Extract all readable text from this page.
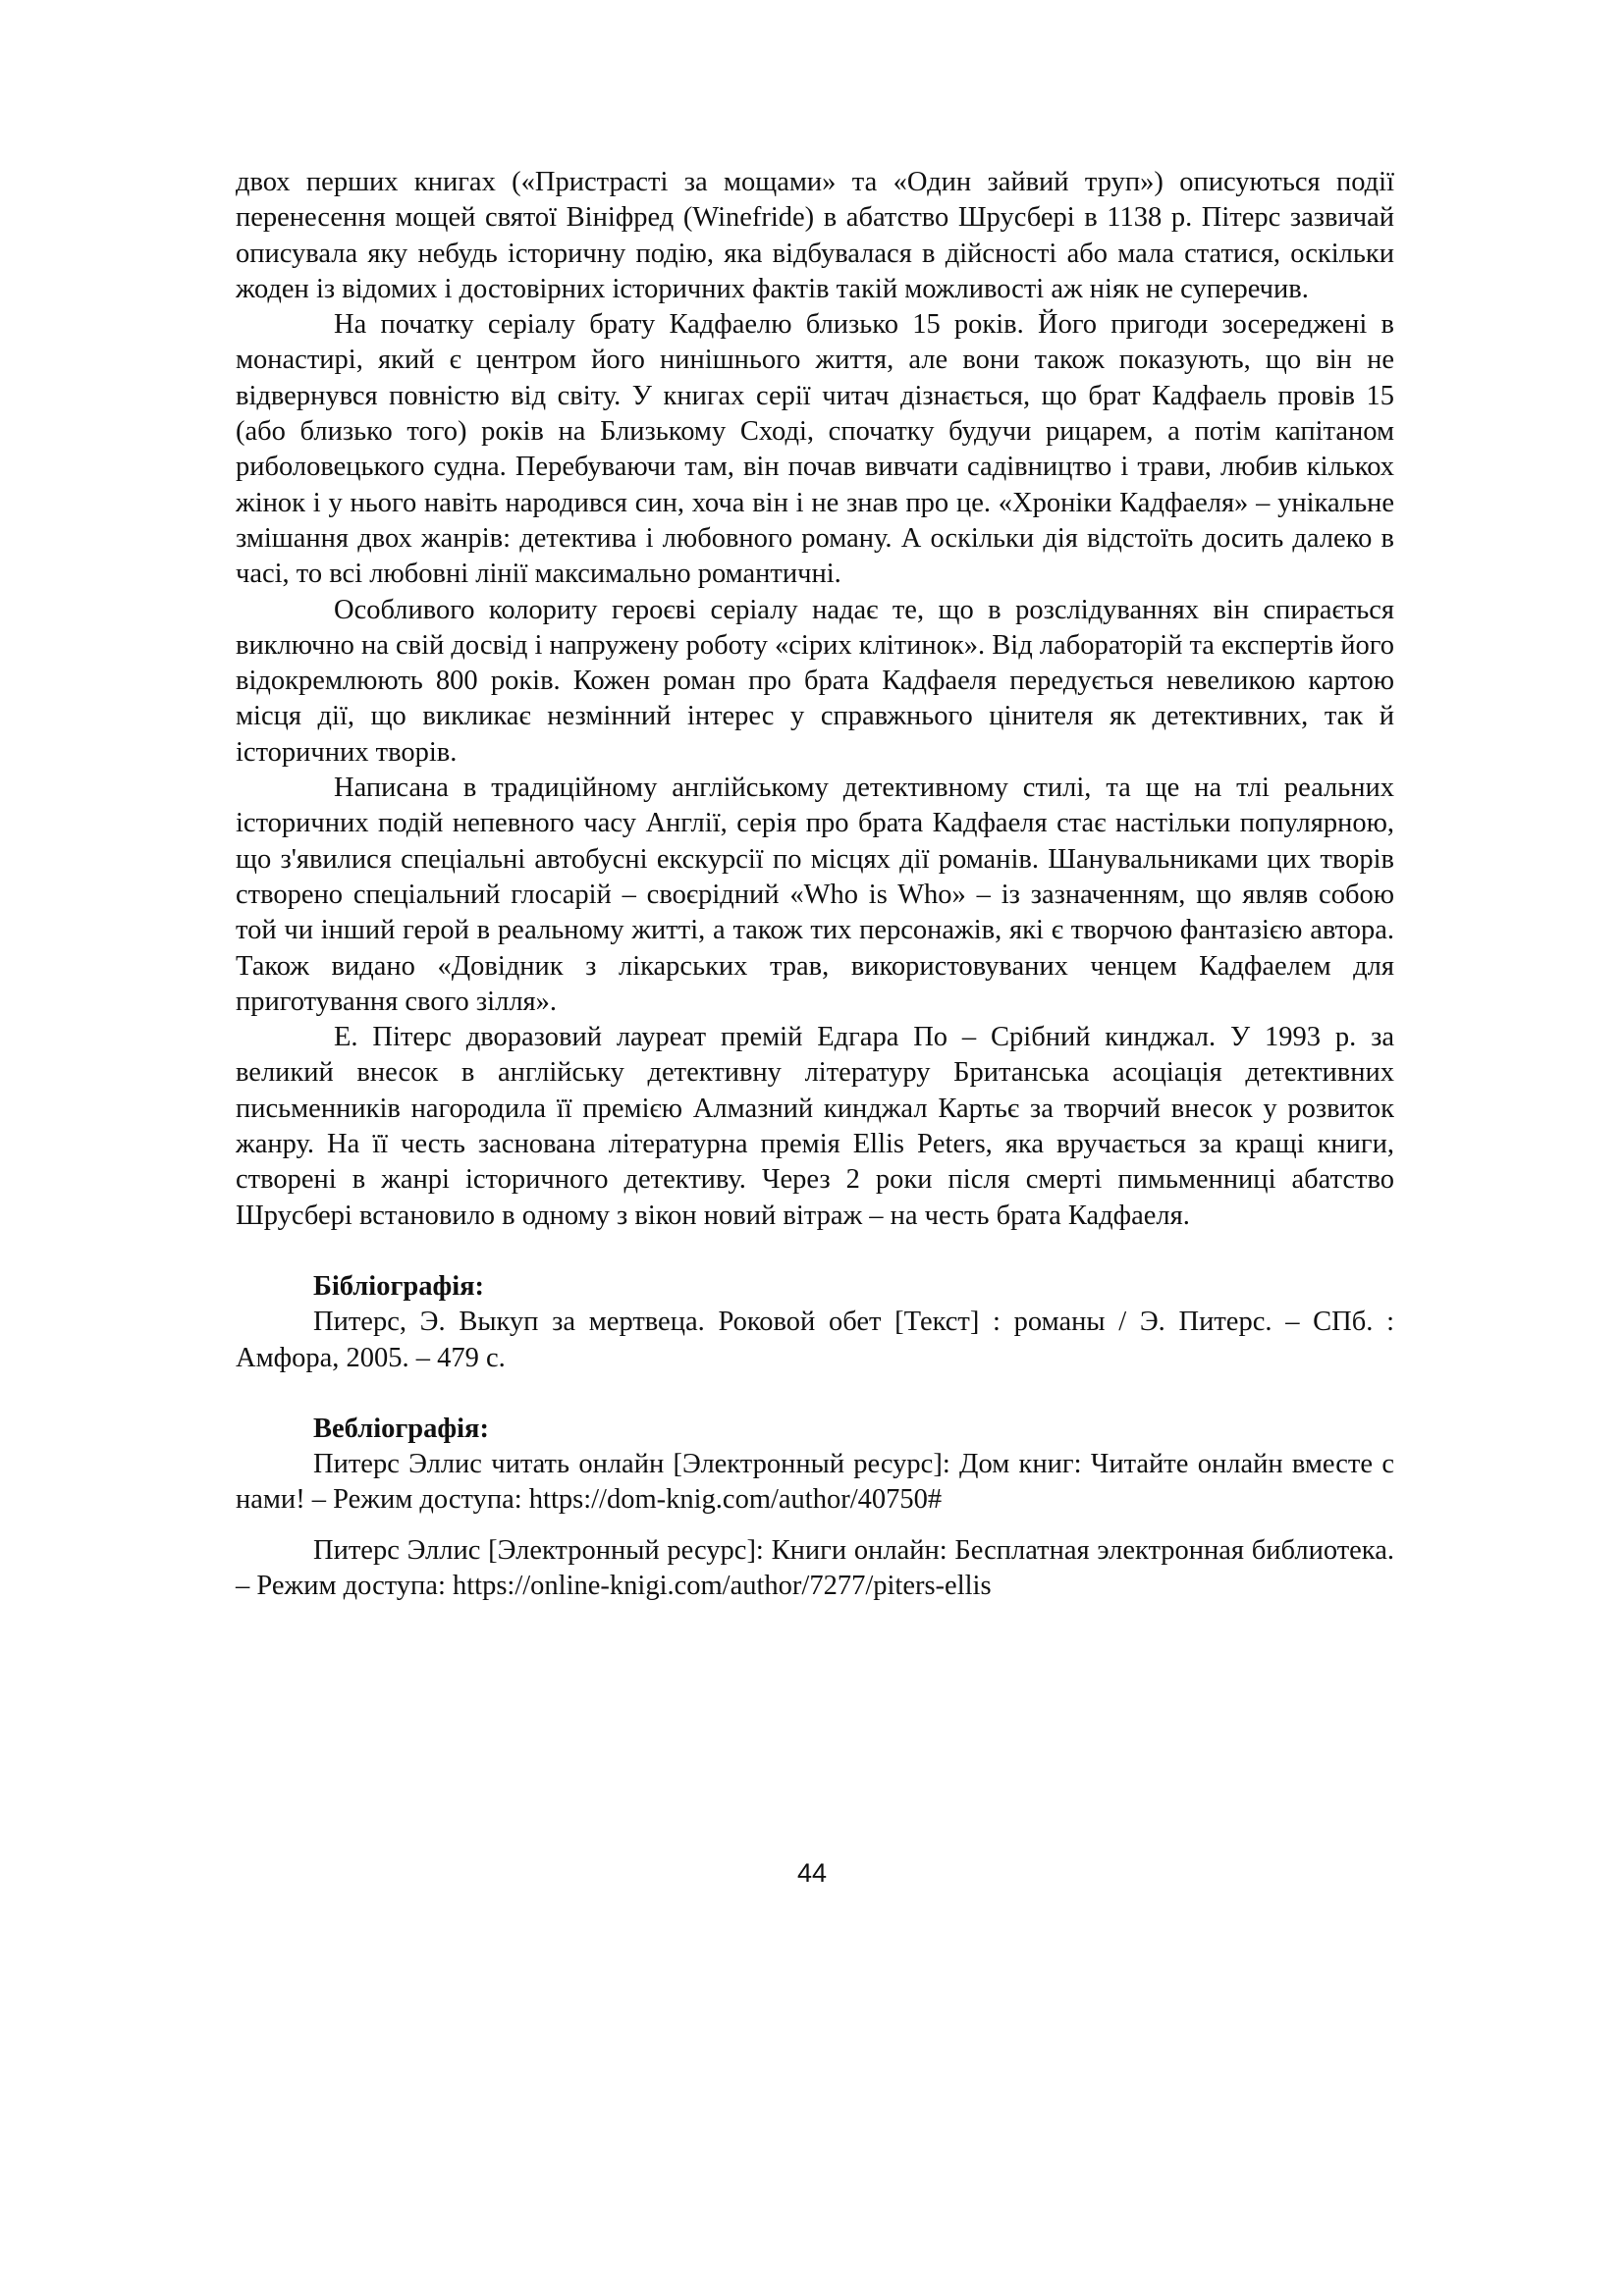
двох перших книгах («Пристрасті за мощами» та «Один зайвий труп») описуються події перенесення мощей святої Вініфред (Winefride) в абатство Шрусбері в 1138 р. Пітерс зазвичай описувала яку небудь історичну подію, яка відбувалася в дійсності або мала статися, оскільки жоден із відомих і достовірних історичних фактів такій можливості аж ніяк не суперечив.

На початку серіалу брату Кадфаелю близько 15 років. Його пригоди зосереджені в монастирі, який є центром його нинішнього життя, але вони також показують, що він не відвернувся повністю від світу. У книгах серії читач дізнається, що брат Кадфаель провів 15 (або близько того) років на Близькому Сході, спочатку будучи рицарем, а потім капітаном риболовецького судна. Перебуваючи там, він почав вивчати садівництво і трави, любив кількох жінок і у нього навіть народився син, хоча він і не знав про це. «Хроніки Кадфаеля» – унікальне змішання двох жанрів: детектива і любовного роману. А оскільки дія відстоїть досить далеко в часі, то всі любовні лінії максимально романтичні.

Особливого колориту героєві серіалу надає те, що в розслідуваннях він спирається виключно на свій досвід і напружену роботу «сірих клітинок». Від лабораторій та експертів його відокремлюють 800 років. Кожен роман про брата Кадфаеля передується невеликою картою місця дії, що викликає незмінний інтерес у справжнього цінителя як детективних, так й історичних творів.

Написана в традиційному англійському детективному стилі, та ще на тлі реальних історичних подій непевного часу Англії, серія про брата Кадфаеля стає настільки популярною, що з'явилися спеціальні автобусні екскурсії по місцях дії романів. Шанувальниками цих творів створено спеціальний глосарій – своєрідний «Who is Who» – із зазначенням, що являв собою той чи інший герой в реальному житті, а також тих персонажів, які є творчою фантазією автора. Також видано «Довідник з лікарських трав, використовуваних ченцем Кадфаелем для приготування свого зілля».

Е. Пітерс дворазовий лауреат премій Едгара По – Срібний кинджал. У 1993 р. за великий внесок в англійську детективну літературу Британська асоціація детективних письменників нагородила її премією Алмазний кинджал Картьє за творчий внесок у розвиток жанру. На її честь заснована літературна премія Ellis Peters, яка вручається за кращі книги, створені в жанрі історичного детективу. Через 2 роки після смерті пимьменниці абатство Шрусбері встановило в одному з вікон новий вітраж – на честь брата Кадфаеля.

Бібліографія:

Питерс, Э. Выкуп за мертвеца. Роковой обет [Текст] : романы / Э. Питерс. – СПб. : Амфора, 2005. – 479 с.

Вебліографія:

Питерс Эллис читать онлайн [Электронный ресурс]: Дом книг: Читайте онлайн вместе с нами! – Режим доступа: https://dom-knig.com/author/40750#

Питерс Эллис [Электронный ресурс]: Книги онлайн: Бесплатная электронная библиотека. – Режим доступа: https://online-knigi.com/author/7277/piters-ellis

44
